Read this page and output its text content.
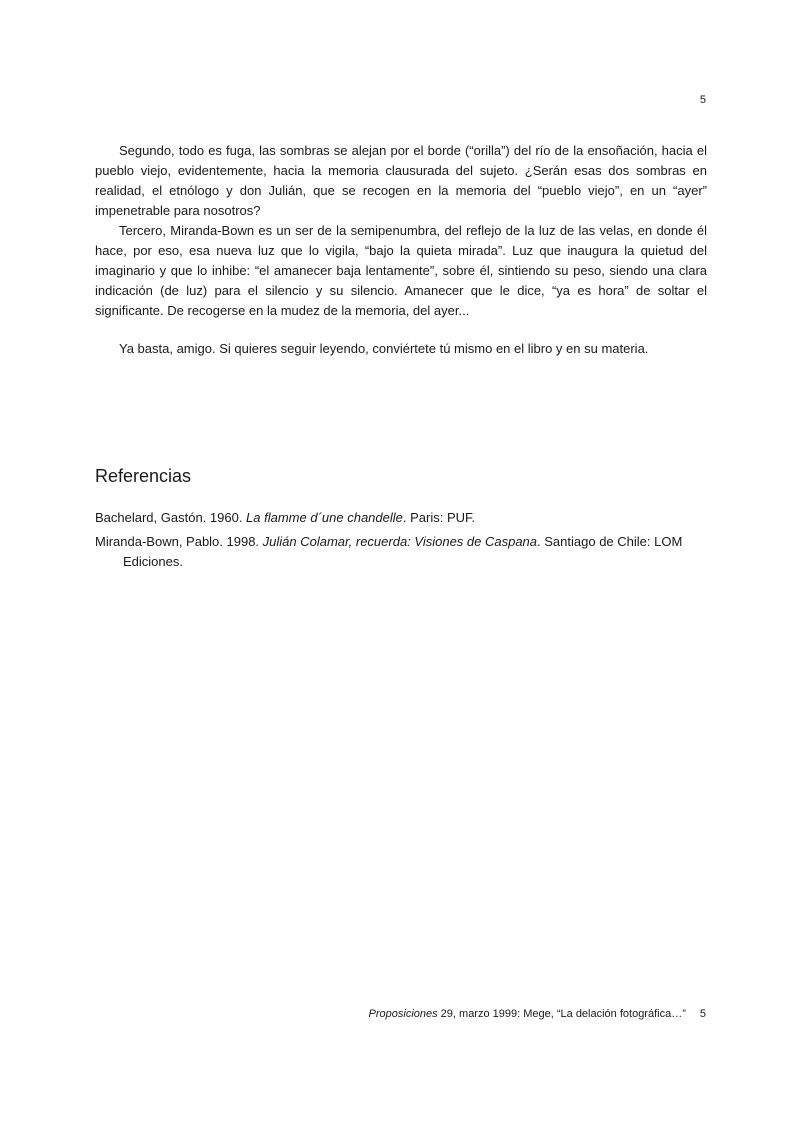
5

Segundo, todo es fuga, las sombras se alejan por el borde (“orilla”) del río de la ensoñación, hacia el pueblo viejo, evidentemente, hacia la memoria clausurada del sujeto. ¿Serán esas dos sombras en realidad, el etnólogo y don Julián, que se recogen en la memoria del “pueblo viejo”, en un “ayer” impenetrable para nosotros?

Tercero, Miranda-Bown es un ser de la semipenumbra, del reflejo de la luz de las velas, en donde él hace, por eso, esa nueva luz que lo vigila, “bajo la quieta mirada”. Luz que inaugura la quietud del imaginario y que lo inhibe: “el amanecer baja lentamente”, sobre él, sintiendo su peso, siendo una clara indicación (de luz) para el silencio y su silencio. Amanecer que le dice, “ya es hora” de soltar el significante. De recogerse en la mudez de la memoria, del ayer...

Ya basta, amigo. Si quieres seguir leyendo, conviértete tú mismo en el libro y en su materia.

Referencias

Bachelard, Gastón. 1960. La flamme d´une chandelle. Paris: PUF.

Miranda-Bown, Pablo. 1998. Julián Colamar, recuerda: Visiones de Caspana. Santiago de Chile: LOM Ediciones.

Proposiciones 29, marzo 1999: Mege, “La delación fotográfica…” 5
